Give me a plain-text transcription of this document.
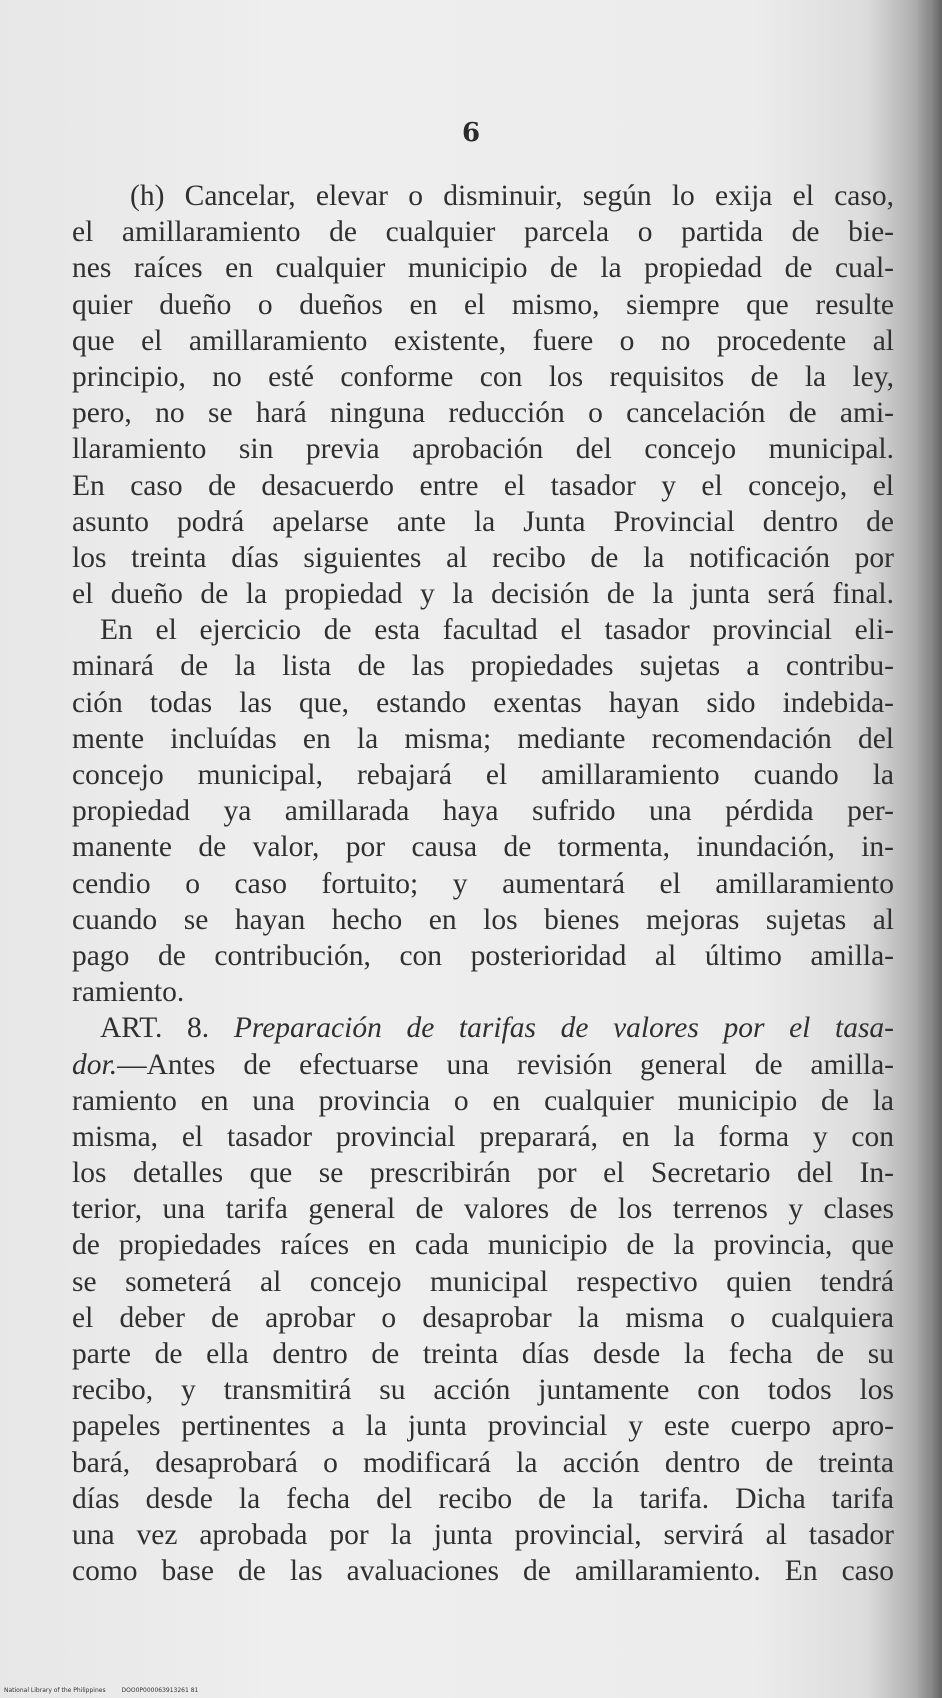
6
(h) Cancelar, elevar o disminuir, según lo exija el caso,
el amillaramiento de cualquier parcela o partida de bie-
nes raíces en cualquier municipio de la propiedad de cual-
quier dueño o dueños en el mismo, siempre que resulte
que el amillaramiento existente, fuere o no procedente al
principio, no esté conforme con los requisitos de la ley,
pero, no se hará ninguna reducción o cancelación de ami-
llaramiento sin previa aprobación del concejo municipal.
En caso de desacuerdo entre el tasador y el concejo, el
asunto podrá apelarse ante la Junta Provincial dentro de
los treinta días siguientes al recibo de la notificación por
el dueño de la propiedad y la decisión de la junta será final.
En el ejercicio de esta facultad el tasador provincial eli-
minará de la lista de las propiedades sujetas a contribu-
ción todas las que, estando exentas hayan sido indebida-
mente incluídas en la misma; mediante recomendación del
concejo municipal, rebajará el amillaramiento cuando la
propiedad ya amillarada haya sufrido una pérdida per-
manente de valor, por causa de tormenta, inundación, in-
cendio o caso fortuito; y aumentará el amillaramiento
cuando se hayan hecho en los bienes mejoras sujetas al
pago de contribución, con posterioridad al último amilla-
ramiento.
ART. 8. Preparación de tarifas de valores por el tasa-
dor.—Antes de efectuarse una revisión general de amilla-
ramiento en una provincia o en cualquier municipio de la
misma, el tasador provincial preparará, en la forma y con
los detalles que se prescribirán por el Secretario del In-
terior, una tarifa general de valores de los terrenos y clases
de propiedades raíces en cada municipio de la provincia, que
se someterá al concejo municipal respectivo quien tendrá
el deber de aprobar o desaprobar la misma o cualquiera
parte de ella dentro de treinta días desde la fecha de su
recibo, y transmitirá su acción juntamente con todos los
papeles pertinentes a la junta provincial y este cuerpo apro-
bará, desaprobará o modificará la acción dentro de treinta
días desde la fecha del recibo de la tarifa. Dicha tarifa
una vez aprobada por la junta provincial, servirá al tasador
como base de las avaluaciones de amillaramiento. En caso
National Library of the Philippines	DOO0P000063913261 81
